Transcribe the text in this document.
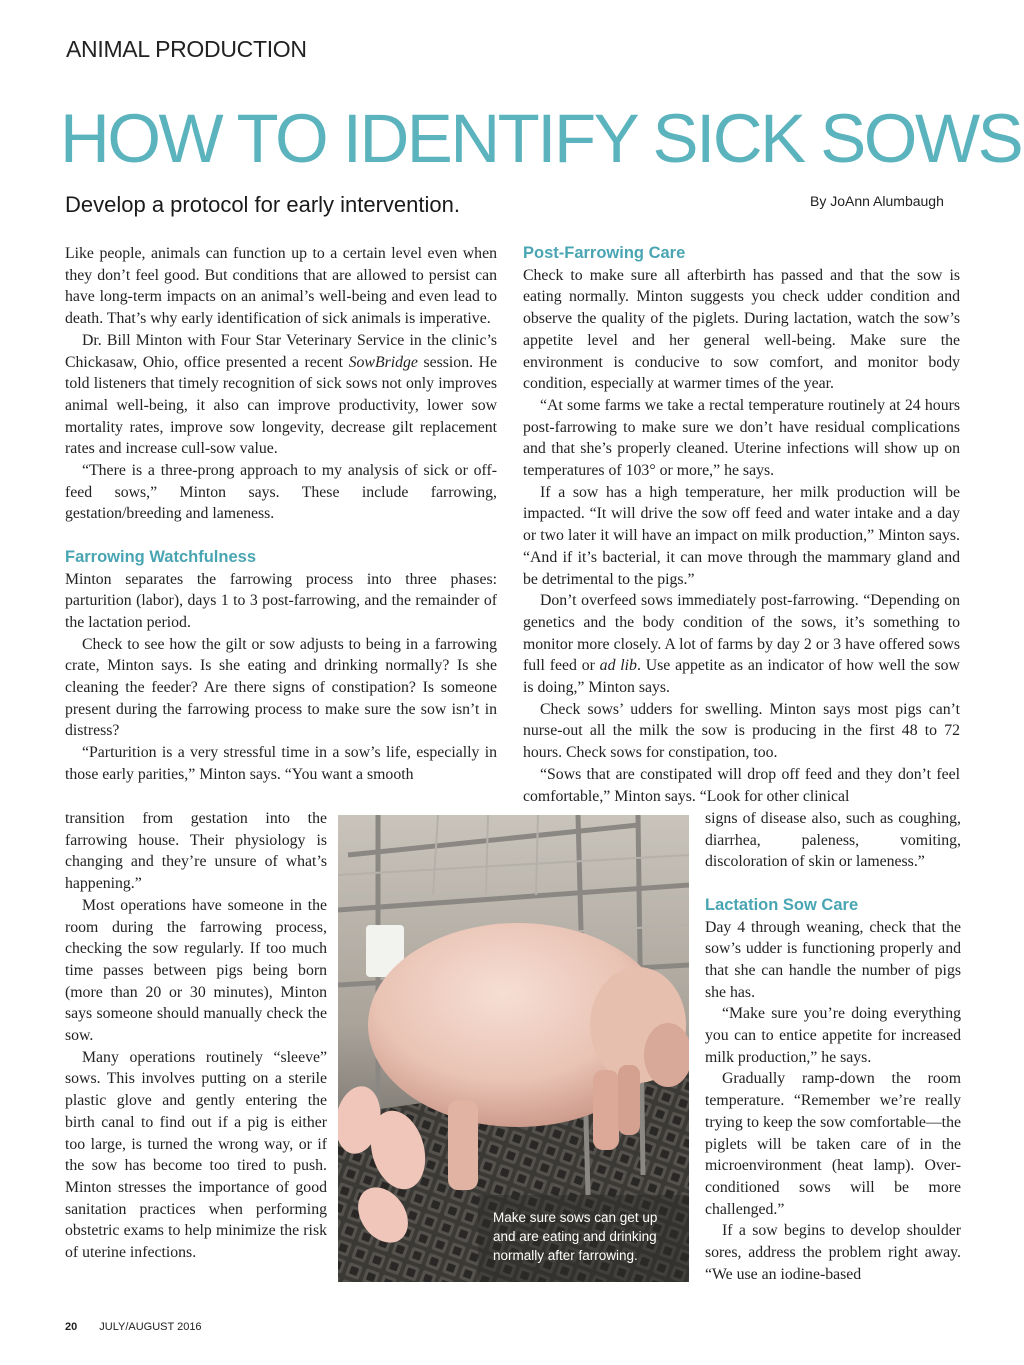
ANIMAL PRODUCTION
HOW TO IDENTIFY SICK SOWS
Develop a protocol for early intervention.	By JoAnn Alumbaugh

Like people, animals can function up to a certain level even when they don’t feel good. But conditions that are allowed to persist can have long-term impacts on an animal’s well-being and even lead to death. That’s why early identification of sick animals is imperative.

Dr. Bill Minton with Four Star Veterinary Service in the clinic’s Chickasaw, Ohio, office presented a recent SowBridge session. He told listeners that timely recognition of sick sows not only improves animal well-being, it also can improve productivity, lower sow mortality rates, improve sow longevity, decrease gilt replacement rates and increase cull-sow value.

“There is a three-prong approach to my analysis of sick or off-feed sows,” Minton says. These include farrowing, gestation/breeding and lameness.

Farrowing Watchfulness

Minton separates the farrowing process into three phases: parturition (labor), days 1 to 3 post-farrowing, and the remainder of the lactation period.

Check to see how the gilt or sow adjusts to being in a farrowing crate, Minton says. Is she eating and drinking normally? Is she cleaning the feeder? Are there signs of constipation? Is someone present during the farrowing process to make sure the sow isn’t in distress?

“Parturition is a very stressful time in a sow’s life, especially in those early parities,” Minton says. “You want a smooth

transition from gestation into the farrowing house. Their physiology is changing and they’re unsure of what’s happening.”

Most operations have someone in the room during the farrowing process, checking the sow regularly. If too much time passes between pigs being born (more than 20 or 30 minutes), Minton says someone should manually check the sow.

Many operations routinely “sleeve” sows. This involves putting on a sterile plastic glove and gently entering the birth canal to find out if a pig is either too large, is turned the wrong way, or if the sow has become too tired to push. Minton stresses the importance of good sanitation practices when performing obstetric exams to help minimize the risk of uterine infections.

Post-Farrowing Care

Check to make sure all afterbirth has passed and that the sow is eating normally. Minton suggests you check udder condition and observe the quality of the piglets. During lactation, watch the sow’s appetite level and her general well-being. Make sure the environment is conducive to sow comfort, and monitor body condition, especially at warmer times of the year.

“At some farms we take a rectal temperature routinely at 24 hours post-farrowing to make sure we don’t have residual complications and that she’s properly cleaned. Uterine infections will show up on temperatures of 103° or more,” he says.

If a sow has a high temperature, her milk production will be impacted. “It will drive the sow off feed and water intake and a day or two later it will have an impact on milk production,” Minton says. “And if it’s bacterial, it can move through the mammary gland and be detrimental to the pigs.”

Don’t overfeed sows immediately post-farrowing. “Depending on genetics and the body condition of the sows, it’s something to monitor more closely. A lot of farms by day 2 or 3 have offered sows full feed or ad lib. Use appetite as an indicator of how well the sow is doing,” Minton says.

Check sows’ udders for swelling. Minton says most pigs can’t nurse-out all the milk the sow is producing in the first 48 to 72 hours. Check sows for constipation, too.

“Sows that are constipated will drop off feed and they don’t feel comfortable,” Minton says. “Look for other clinical

signs of disease also, such as coughing, diarrhea, paleness, vomiting, discoloration of skin or lameness.”

Lactation Sow Care

Day 4 through weaning, check that the sow’s udder is functioning properly and that she can handle the number of pigs she has.

“Make sure you’re doing everything you can to entice appetite for increased milk production,” he says.

Gradually ramp-down the room temperature. “Remember we’re really trying to keep the sow comfortable—the piglets will be taken care of in the microenvironment (heat lamp). Over-conditioned sows will be more challenged.”

If a sow begins to develop shoulder sores, address the problem right away. “We use an iodine-based

Make sure sows can get up and are eating and drinking normally after farrowing.
20 JULY/AUGUST 2016
